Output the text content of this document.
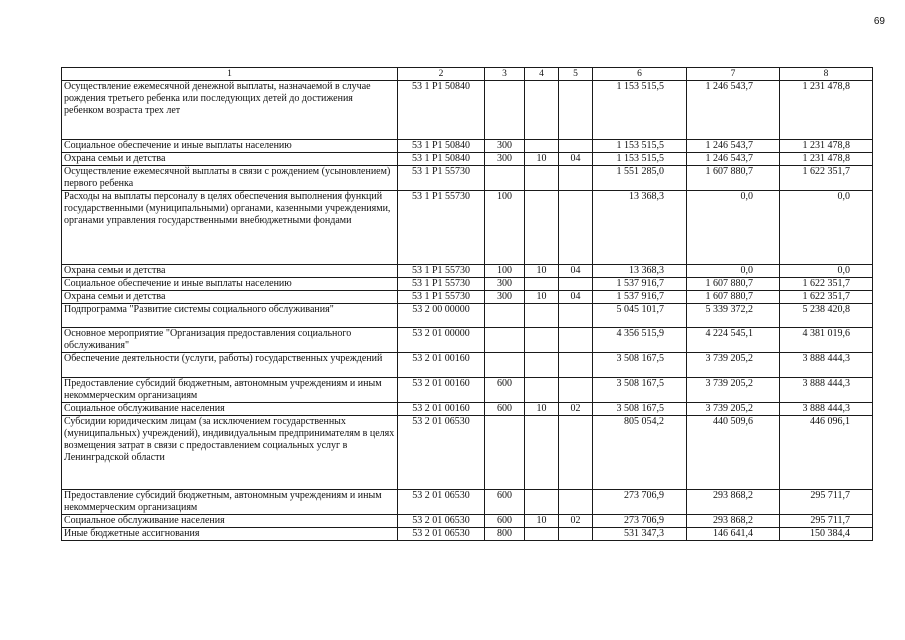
69
1	2	3	4	5	6	7	8
Осуществление ежемесячной денежной выплаты, назначаемой в случае рождения третьего ребенка или последующих детей до достижения ребенком возраста трех лет	53 1 P1 50840				1 153 515,5	1 246 543,7	1 231 478,8
Социальное обеспечение и иные выплаты населению	53 1 P1 50840	300			1 153 515,5	1 246 543,7	1 231 478,8
Охрана семьи и детства	53 1 P1 50840	300	10	04	1 153 515,5	1 246 543,7	1 231 478,8
Осуществление ежемесячной выплаты в связи с рождением (усыновлением) первого ребенка	53 1 P1 55730				1 551 285,0	1 607 880,7	1 622 351,7
Расходы на выплаты персоналу в целях обеспечения выполнения функций государственными (муниципальными) органами, казенными учреждениями, органами управления государственными внебюджетными фондами	53 1 P1 55730	100			13 368,3	0,0	0,0
Охрана семьи и детства	53 1 P1 55730	100	10	04	13 368,3	0,0	0,0
Социальное обеспечение и иные выплаты населению	53 1 P1 55730	300			1 537 916,7	1 607 880,7	1 622 351,7
Охрана семьи и детства	53 1 P1 55730	300	10	04	1 537 916,7	1 607 880,7	1 622 351,7
Подпрограмма "Развитие системы социального обслуживания"	53 2 00 00000				5 045 101,7	5 339 372,2	5 238 420,8
Основное мероприятие "Организация предоставления социального обслуживания"	53 2 01 00000				4 356 515,9	4 224 545,1	4 381 019,6
Обеспечение деятельности (услуги, работы) государственных учреждений	53 2 01 00160				3 508 167,5	3 739 205,2	3 888 444,3
Предоставление субсидий бюджетным, автономным учреждениям и иным некоммерческим организациям	53 2 01 00160	600			3 508 167,5	3 739 205,2	3 888 444,3
Социальное обслуживание населения	53 2 01 00160	600	10	02	3 508 167,5	3 739 205,2	3 888 444,3
Субсидии юридическим лицам (за исключением государственных (муниципальных) учреждений), индивидуальным предпринимателям в целях возмещения затрат в связи с предоставлением социальных услуг в Ленинградской области	53 2 01 06530				805 054,2	440 509,6	446 096,1
Предоставление субсидий бюджетным, автономным учреждениям и иным некоммерческим организациям	53 2 01 06530	600			273 706,9	293 868,2	295 711,7
Социальное обслуживание населения	53 2 01 06530	600	10	02	273 706,9	293 868,2	295 711,7
Иные бюджетные ассигнования	53 2 01 06530	800			531 347,3	146 641,4	150 384,4
